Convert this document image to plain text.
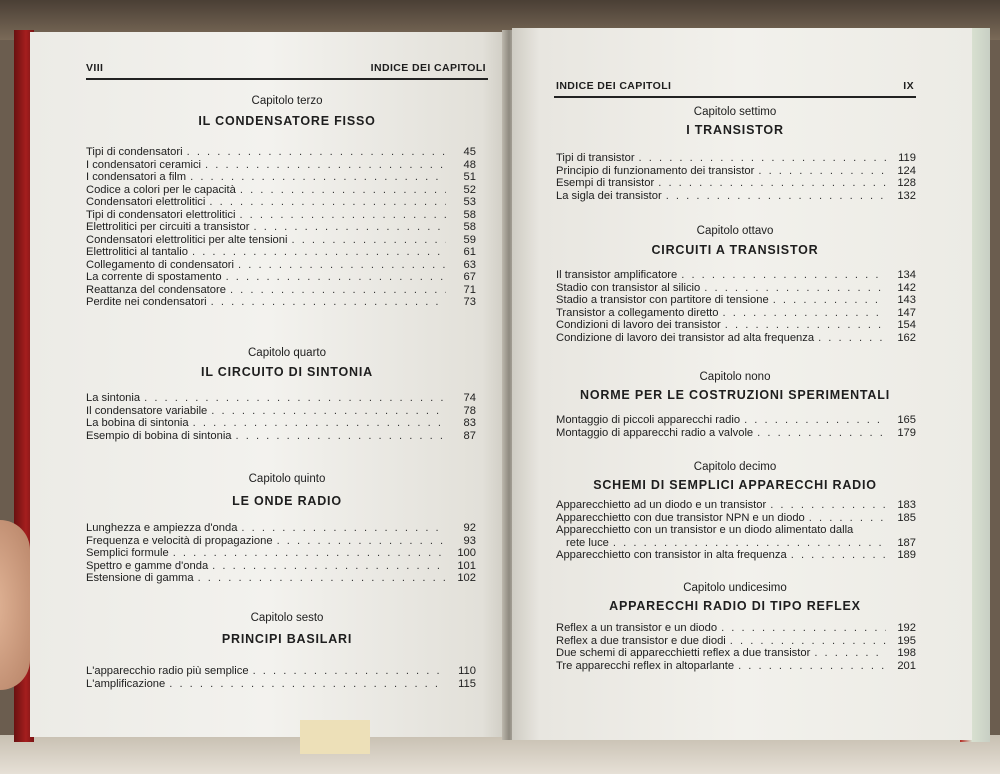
VIII	INDICE DEI CAPITOLI
Capitolo terzo
IL CONDENSATORE FISSO
Tipi di condensatori . . .	45
I condensatori ceramici . . .	48
I condensatori a film . . .	51
Codice a colori per le capacità . . .	52
Condensatori elettrolitici . . .	53
Tipi di condensatori elettrolitici . . .	58
Elettrolitici per circuiti a transistor . . .	58
Condensatori elettrolitici per alte tensioni . . .	59
Elettrolitici al tantalio . . .	61
Collegamento di condensatori . . .	63
La corrente di spostamento . . .	67
Reattanza del condensatore . . .	71
Perdite nei condensatori . . .	73
Capitolo quarto
IL CIRCUITO DI SINTONIA
La sintonia . . .	74
Il condensatore variabile . . .	78
La bobina di sintonia . . .	83
Esempio di bobina di sintonia . . .	87
Capitolo quinto
LE ONDE RADIO
Lunghezza e ampiezza d'onda . . .	92
Frequenza e velocità di propagazione . . .	93
Semplici formule . . .	100
Spettro e gamme d'onda . . .	101
Estensione di gamma . . .	102
Capitolo sesto
PRINCIPI BASILARI
L'apparecchio radio più semplice . . .	110
L'amplificazione . . .	115
INDICE DEI CAPITOLI	IX
Capitolo settimo
I TRANSISTOR
Tipi di transistor . . .	119
Principio di funzionamento dei transistor . . .	124
Esempi di transistor . . .	128
La sigla dei transistor . . .	132
Capitolo ottavo
CIRCUITI A TRANSISTOR
Il transistor amplificatore . . .	134
Stadio con transistor al silicio . . .	142
Stadio a transistor con partitore di tensione . . .	143
Transistor a collegamento diretto . . .	147
Condizioni di lavoro dei transistor . . .	154
Condizione di lavoro dei transistor ad alta frequenza . . .	162
Capitolo nono
NORME PER LE COSTRUZIONI SPERIMENTALI
Montaggio di piccoli apparecchi radio . . .	165
Montaggio di apparecchi radio a valvole . . .	179
Capitolo decimo
SCHEMI DI SEMPLICI APPARECCHI RADIO
Apparecchietto ad un diodo e un transistor . . .	183
Apparecchietto con due transistor NPN e un diodo . . .	185
Apparecchietto con un transistor e un diodo alimentato dalla
rete luce . . .	187
Apparecchietto con transistor in alta frequenza . . .	189
Capitolo undicesimo
APPARECCHI RADIO DI TIPO REFLEX
Reflex a un transistor e un diodo . . .	192
Reflex a due transistor e due diodi . . .	195
Due schemi di apparecchietti reflex a due transistor . . .	198
Tre apparecchi reflex in altoparlante . . .	201
